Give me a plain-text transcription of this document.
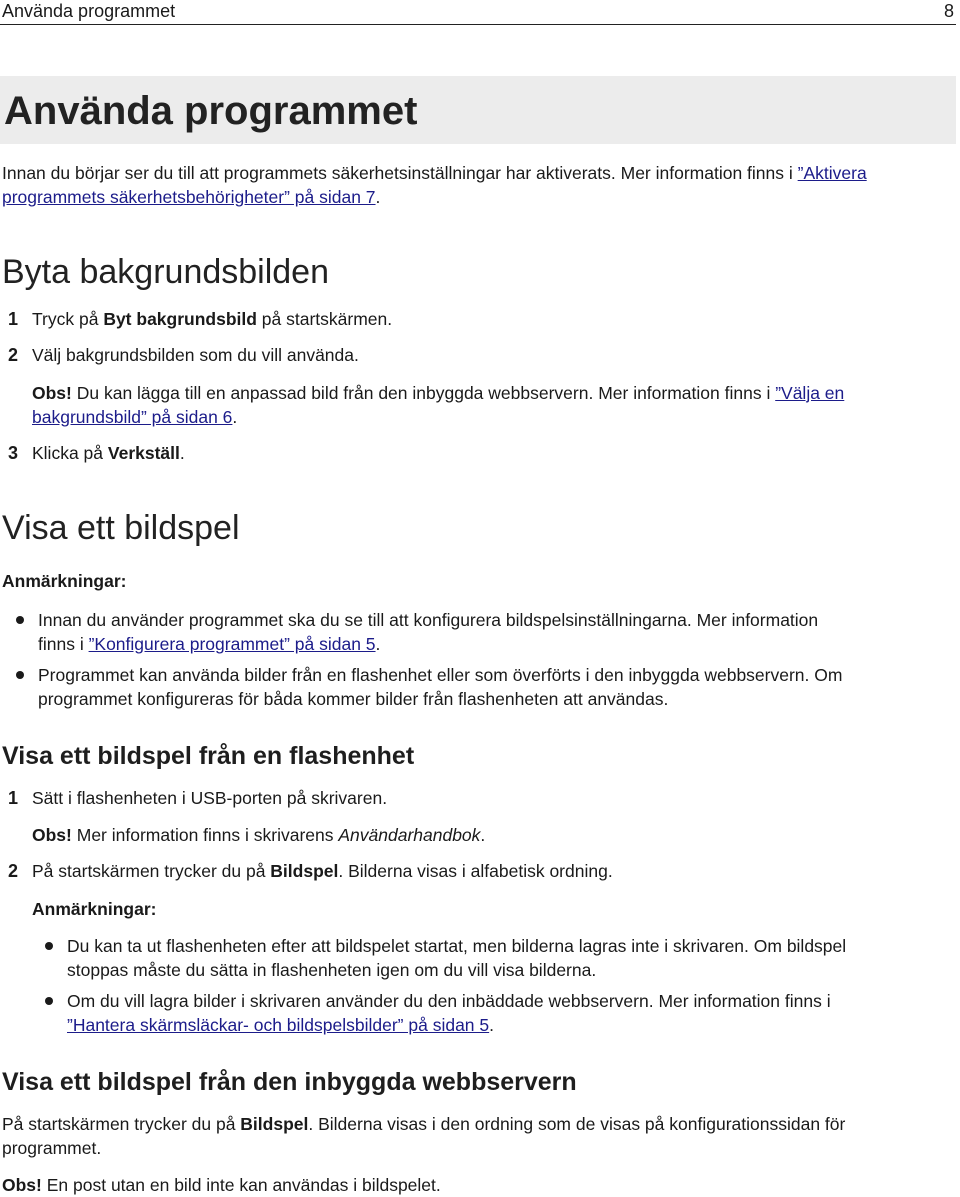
Använda programmet	8
Använda programmet
Innan du börjar ser du till att programmets säkerhetsinställningar har aktiverats. Mer information finns i ”Aktivera
programmets säkerhetsbehörigheter” på sidan 7.
Byta bakgrundsbilden
1 Tryck på Byt bakgrundsbild på startskärmen.
2 Välj bakgrundsbilden som du vill använda.
Obs! Du kan lägga till en anpassad bild från den inbyggda webbservern. Mer information finns i ”Välja en
bakgrundsbild” på sidan 6.
3 Klicka på Verkställ.
Visa ett bildspel
Anmärkningar:
Innan du använder programmet ska du se till att konfigurera bildspelsinställningarna. Mer information
finns i ”Konfigurera programmet” på sidan 5.
Programmet kan använda bilder från en flashenhet eller som överförts i den inbyggda webbservern. Om
programmet konfigureras för båda kommer bilder från flashenheten att användas.
Visa ett bildspel från en flashenhet
1 Sätt i flashenheten i USB-porten på skrivaren.
Obs! Mer information finns i skrivarens Användarhandbok.
2 På startskärmen trycker du på Bildspel. Bilderna visas i alfabetisk ordning.
Anmärkningar:
Du kan ta ut flashenheten efter att bildspelet startat, men bilderna lagras inte i skrivaren. Om bildspel
stoppas måste du sätta in flashenheten igen om du vill visa bilderna.
Om du vill lagra bilder i skrivaren använder du den inbäddade webbservern. Mer information finns i
”Hantera skärmsläckar- och bildspelsbilder” på sidan 5.
Visa ett bildspel från den inbyggda webbservern
På startskärmen trycker du på Bildspel. Bilderna visas i den ordning som de visas på konfigurationssidan för
programmet.
Obs! En post utan en bild inte kan användas i bildspelet.
